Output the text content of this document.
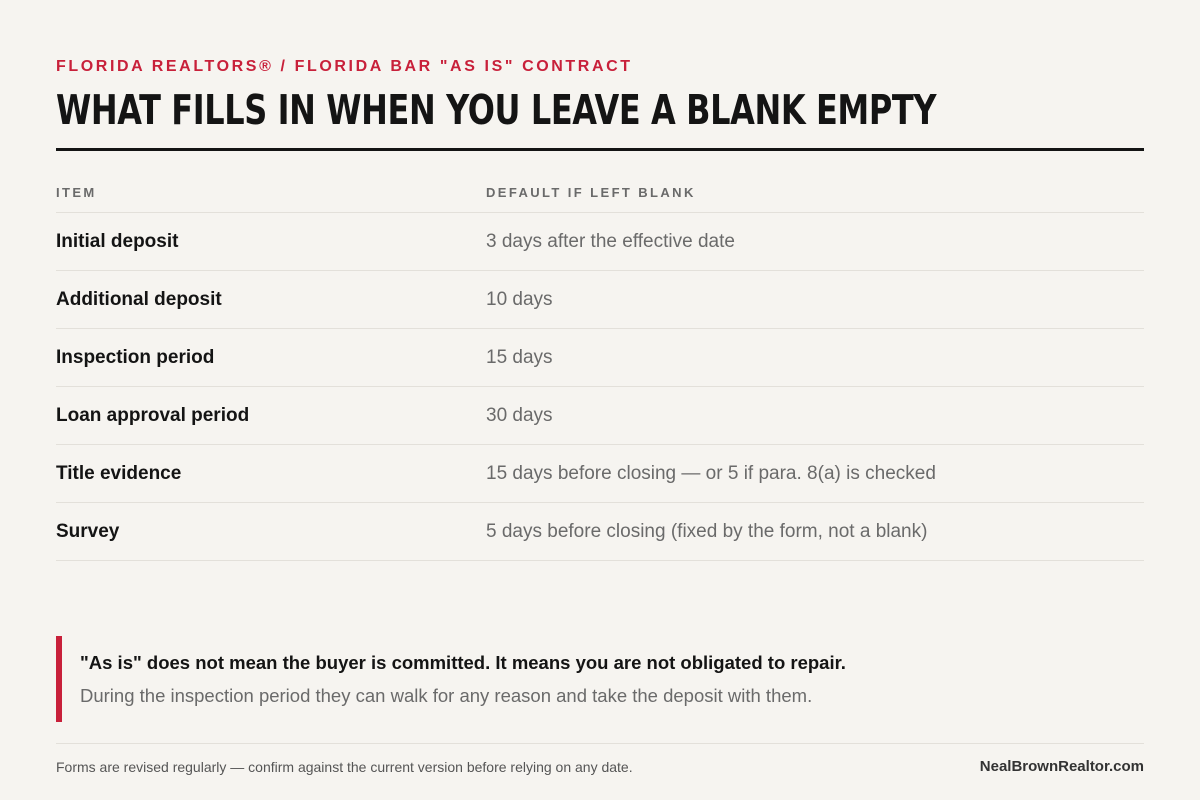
FLORIDA REALTORS® / FLORIDA BAR "AS IS" CONTRACT
WHAT FILLS IN WHEN YOU LEAVE A BLANK EMPTY
ITEM	DEFAULT IF LEFT BLANK
Initial deposit	3 days after the effective date
Additional deposit	10 days
Inspection period	15 days
Loan approval period	30 days
Title evidence	15 days before closing — or 5 if para. 8(a) is checked
Survey	5 days before closing (fixed by the form, not a blank)
"As is" does not mean the buyer is committed. It means you are not obligated to repair.
During the inspection period they can walk for any reason and take the deposit with them.
Forms are revised regularly — confirm against the current version before relying on any date.	NealBrownRealtor.com
